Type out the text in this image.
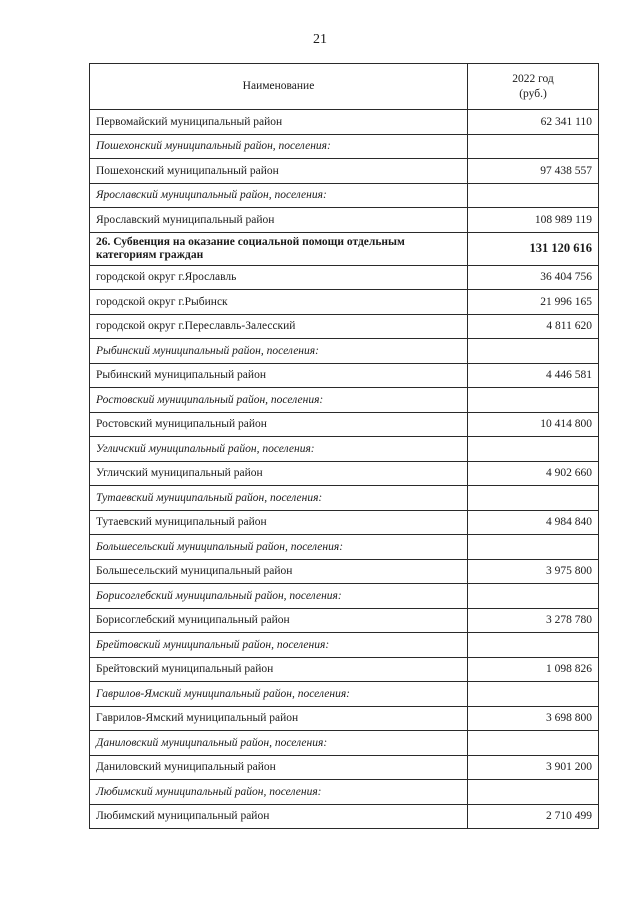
21
Наименование	2022 год
(руб.)
Первомайский муниципальный район	62 341 110
Пошехонский муниципальный район, поселения:	
Пошехонский муниципальный район	97 438 557
Ярославский муниципальный район, поселения:	
Ярославский муниципальный район	108 989 119
26. Субвенция на оказание социальной помощи отдельным категориям граждан	131 120 616
городской округ г.Ярославль	36 404 756
городской округ г.Рыбинск	21 996 165
городской округ г.Переславль-Залесский	4 811 620
Рыбинский муниципальный район, поселения:	
Рыбинский муниципальный район	4 446 581
Ростовский муниципальный район, поселения:	
Ростовский муниципальный район	10 414 800
Угличский муниципальный район, поселения:	
Угличский муниципальный район	4 902 660
Тутаевский муниципальный район, поселения:	
Тутаевский муниципальный район	4 984 840
Большесельский муниципальный район, поселения:	
Большесельский муниципальный район	3 975 800
Борисоглебский муниципальный район, поселения:	
Борисоглебский муниципальный район	3 278 780
Брейтовский муниципальный район, поселения:	
Брейтовский муниципальный район	1 098 826
Гаврилов-Ямский муниципальный район, поселения:	
Гаврилов-Ямский муниципальный район	3 698 800
Даниловский муниципальный район, поселения:	
Даниловский муниципальный район	3 901 200
Любимский муниципальный район, поселения:	
Любимский муниципальный район	2 710 499
